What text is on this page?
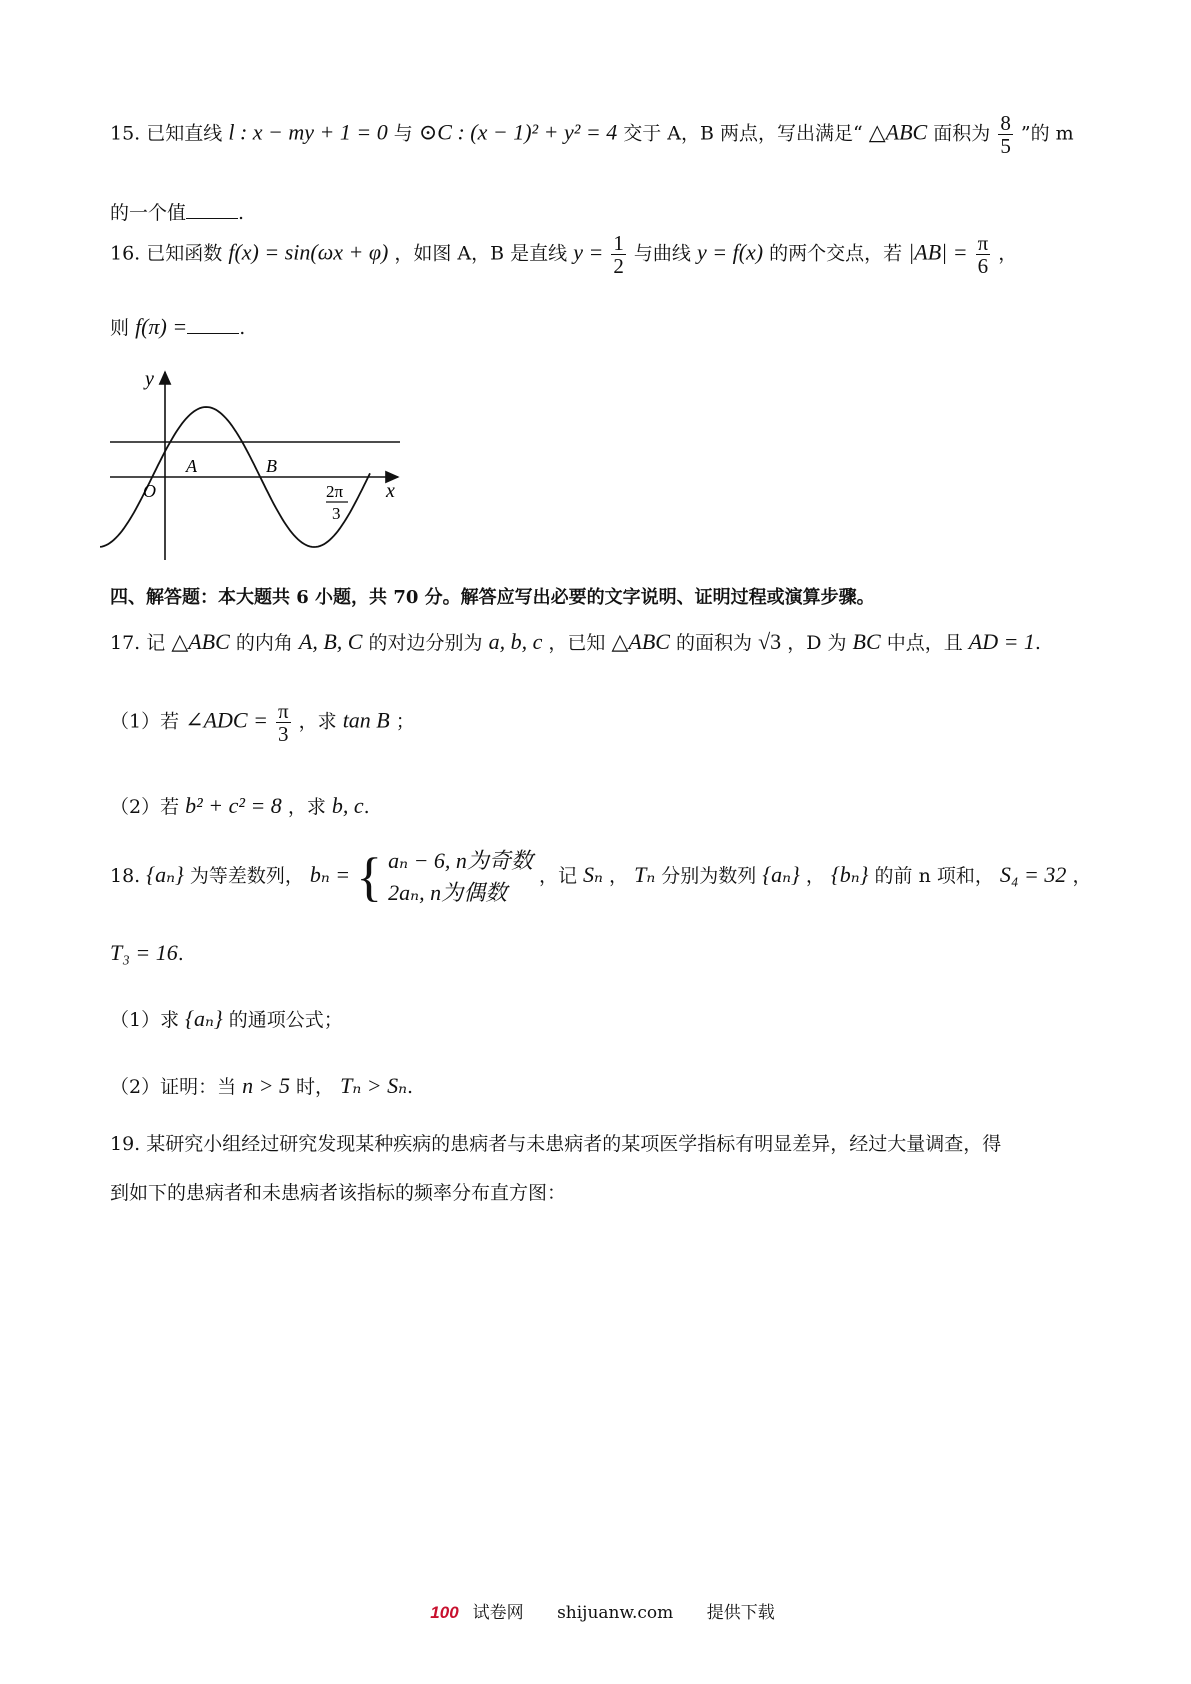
15. 已知直线 l : x − my + 1 = 0 与 ⊙C : (x − 1)² + y² = 4 交于 A，B 两点，写出满足“ △ABC 面积为 $\frac{8}{5}$ ”的 m
的一个值	.
16. 已知函数 f(x) = sin(ωx + φ) ，如图 A，B 是直线 $y = \frac{1}{2}$ 与曲线 y = f(x) 的两个交点，若 $|AB| = \frac{\pi}{6}$ ，
则 f(π) =	.
y
x
O
A	B
2π
3
四、解答题：本大题共 6 小题，共 70 分。解答应写出必要的文字说明、证明过程或演算步骤。
17. 记 △ABC 的内角 A, B, C 的对边分别为 a, b, c ，已知 △ABC 的面积为 √3 ，D 为 BC 中点，且 AD = 1.
（1）若 ∠ADC = $\frac{\pi}{3}$ ，求 tan B ；
（2）若 b² + c² = 8 ，求 b, c.
18. {aₙ} 为等差数列， bₙ = { aₙ − 6, n为奇数
2aₙ, n为偶数
，记 Sₙ ， Tₙ 分别为数列 {aₙ} ， {bₙ} 的前 n 项和， S₄ = 32 ，
T₃ = 16.
（1）求 {aₙ} 的通项公式；
（2）证明：当 n > 5 时， Tₙ > Sₙ.
19. 某研究小组经过研究发现某种疾病的患病者与未患病者的某项医学指标有明显差异，经过大量调查，得
到如下的患病者和未患病者该指标的频率分布直方图：
100 试卷网 shijuanw.com 提供下载
